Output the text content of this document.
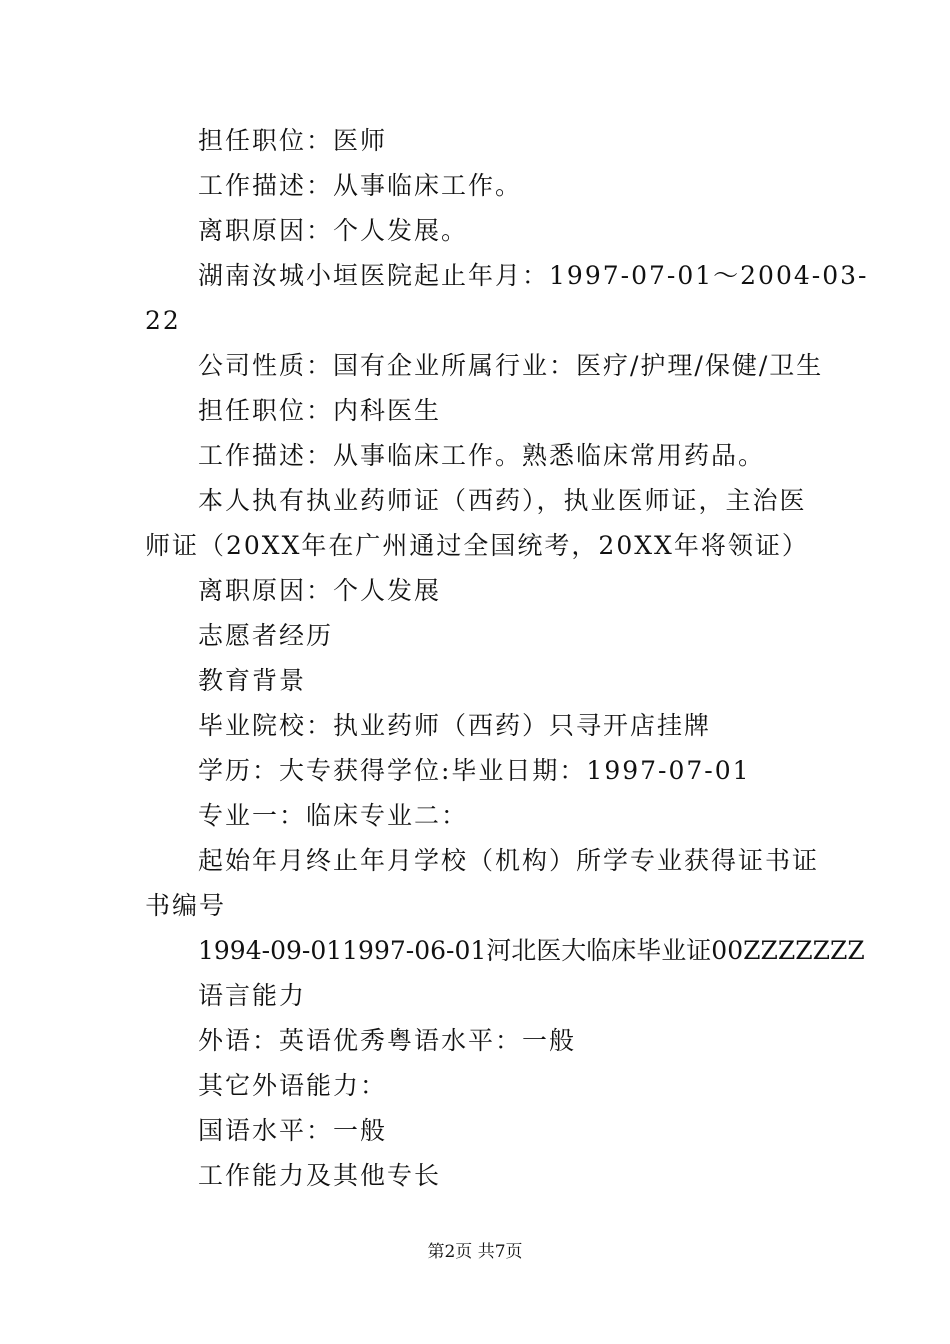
担任职位：医师
工作描述：从事临床工作。
离职原因：个人发展。
湖南汝城小垣医院起止年月：1997-07-01～2004-03-
22
公司性质：国有企业所属行业：医疗/护理/保健/卫生
担任职位：内科医生
工作描述：从事临床工作。熟悉临床常用药品。
本人执有执业药师证（西药），执业医师证，主治医
师证（20XX年在广州通过全国统考，20XX年将领证）
离职原因：个人发展
志愿者经历
教育背景
毕业院校：执业药师（西药）只寻开店挂牌
学历：大专获得学位:毕业日期：1997-07-01
专业一：临床专业二：
起始年月终止年月学校（机构）所学专业获得证书证
书编号
1994-09-011997-06-01河北医大临床毕业证00ZZZZZZZ
语言能力
外语：英语优秀粤语水平：一般
其它外语能力：
国语水平：一般
工作能力及其他专长
第2页 共7页
